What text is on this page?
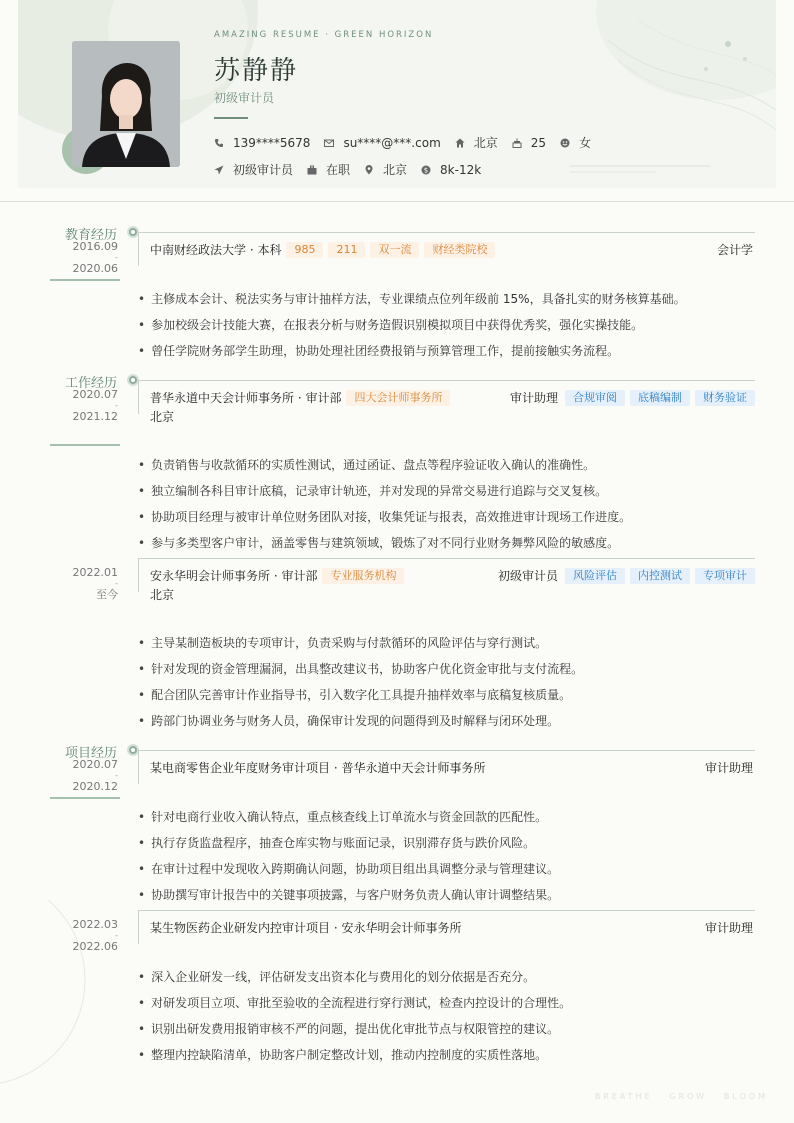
AMAZING RESUME · GREEN HORIZON
苏静静
初级审计员
139****5678	su****@***.com	北京	25	女
初级审计员	在职	北京 $ 8k-12k
教育经历
2016.09
-
2020.06
中南财经政法大学 · 本科	985	211	双一流	财经类院校	会计学
• 主修成本会计、税法实务与审计抽样方法，专业课绩点位列年级前 15%，具备扎实的财务核算基础。
• 参加校级会计技能大赛，在报表分析与财务造假识别模拟项目中获得优秀奖，强化实操技能。
• 曾任学院财务部学生助理，协助处理社团经费报销与预算管理工作，提前接触实务流程。
工作经历
2020.07
-
2021.12
普华永道中天会计师事务所 · 审计部	四大会计师事务所	审计助理	合规审阅	底稿编制	财务验证
北京
• 负责销售与收款循环的实质性测试，通过函证、盘点等程序验证收入确认的准确性。
• 独立编制各科目审计底稿，记录审计轨迹，并对发现的异常交易进行追踪与交叉复核。
• 协助项目经理与被审计单位财务团队对接，收集凭证与报表，高效推进审计现场工作进度。
• 参与多类型客户审计，涵盖零售与建筑领域，锻炼了对不同行业财务舞弊风险的敏感度。
2022.01
-
至今
安永华明会计师事务所 · 审计部	专业服务机构	初级审计员	风险评估	内控测试	专项审计
北京
• 主导某制造板块的专项审计，负责采购与付款循环的风险评估与穿行测试。
• 针对发现的资金管理漏洞，出具整改建议书，协助客户优化资金审批与支付流程。
• 配合团队完善审计作业指导书，引入数字化工具提升抽样效率与底稿复核质量。
• 跨部门协调业务与财务人员，确保审计发现的问题得到及时解释与闭环处理。
项目经历
2020.07
-
2020.12
某电商零售企业年度财务审计项目 · 普华永道中天会计师事务所	审计助理
• 针对电商行业收入确认特点，重点核查线上订单流水与资金回款的匹配性。
• 执行存货监盘程序，抽查仓库实物与账面记录，识别滞存货与跌价风险。
• 在审计过程中发现收入跨期确认问题，协助项目组出具调整分录与管理建议。
• 协助撰写审计报告中的关键事项披露，与客户财务负责人确认审计调整结果。
2022.03
-
2022.06
某生物医药企业研发内控审计项目 · 安永华明会计师事务所	审计助理
• 深入企业研发一线，评估研发支出资本化与费用化的划分依据是否充分。
• 对研发项目立项、审批至验收的全流程进行穿行测试，检查内控设计的合理性。
• 识别出研发费用报销审核不严的问题，提出优化审批节点与权限管控的建议。
• 整理内控缺陷清单，协助客户制定整改计划，推动内控制度的实质性落地。
BREATHE · GROW · BLOOM
